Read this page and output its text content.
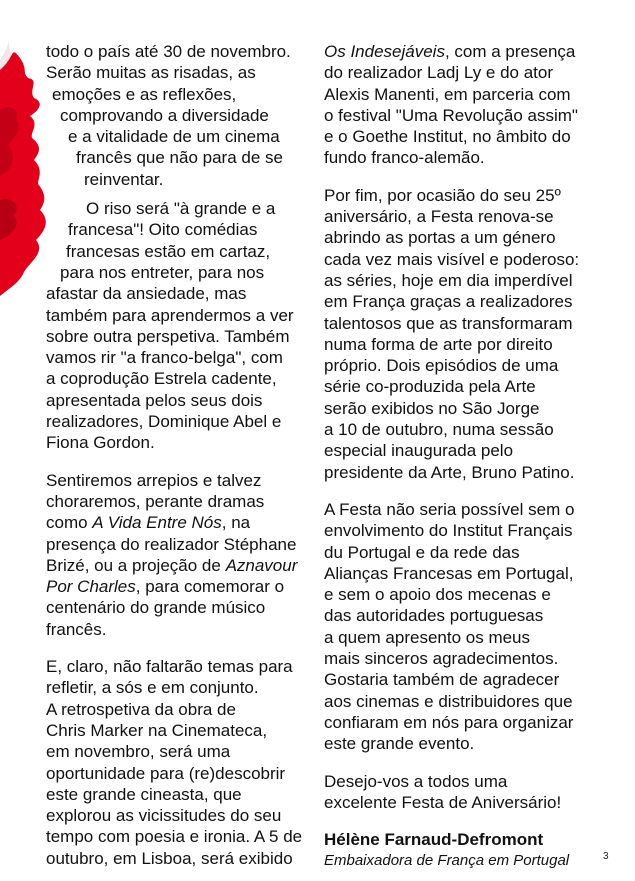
todo o país até 30 de novembro.
Serão muitas as risadas, as
emoções e as reflexões,
comprovando a diversidade
e a vitalidade de um cinema
francês que não para de se
reinventar.

O riso será "à grande e a
francesa"! Oito comédias
francesas estão em cartaz,
para nos entreter, para nos
afastar da ansiedade, mas
também para aprendermos a ver
sobre outra perspetiva. Também
vamos rir "a franco-belga", com
a coprodução Estrela cadente,
apresentada pelos seus dois
realizadores, Dominique Abel e
Fiona Gordon.

Sentiremos arrepios e talvez
choraremos, perante dramas
como A Vida Entre Nós, na
presença do realizador Stéphane
Brizé, ou a projeção de Aznavour
Por Charles, para comemorar o
centenário do grande músico
francês.

E, claro, não faltarão temas para
refletir, a sós e em conjunto.
A retrospetiva da obra de
Chris Marker na Cinemateca,
em novembro, será uma
oportunidade para (re)descobrir
este grande cineasta, que
explorou as vicissitudes do seu
tempo com poesia e ironia. A 5 de
outubro, em Lisboa, será exibido

Os Indesejáveis, com a presença
do realizador Ladj Ly e do ator
Alexis Manenti, em parceria com
o festival "Uma Revolução assim"
e o Goethe Institut, no âmbito do
fundo franco-alemão.

Por fim, por ocasião do seu 25º
aniversário, a Festa renova-se
abrindo as portas a um género
cada vez mais visível e poderoso:
as séries, hoje em dia imperdível
em França graças a realizadores
talentosos que as transformaram
numa forma de arte por direito
próprio. Dois episódios de uma
série co-produzida pela Arte
serão exibidos no São Jorge
a 10 de outubro, numa sessão
especial inaugurada pelo
presidente da Arte, Bruno Patino.

A Festa não seria possível sem o
envolvimento do Institut Français
du Portugal e da rede das
Alianças Francesas em Portugal,
e sem o apoio dos mecenas e
das autoridades portuguesas
a quem apresento os meus
mais sinceros agradecimentos.
Gostaria também de agradecer
aos cinemas e distribuidores que
confiaram em nós para organizar
este grande evento.

Desejo-vos a todos uma
excelente Festa de Aniversário!

Hélène Farnaud-Defromont
Embaixadora de França em Portugal	3
